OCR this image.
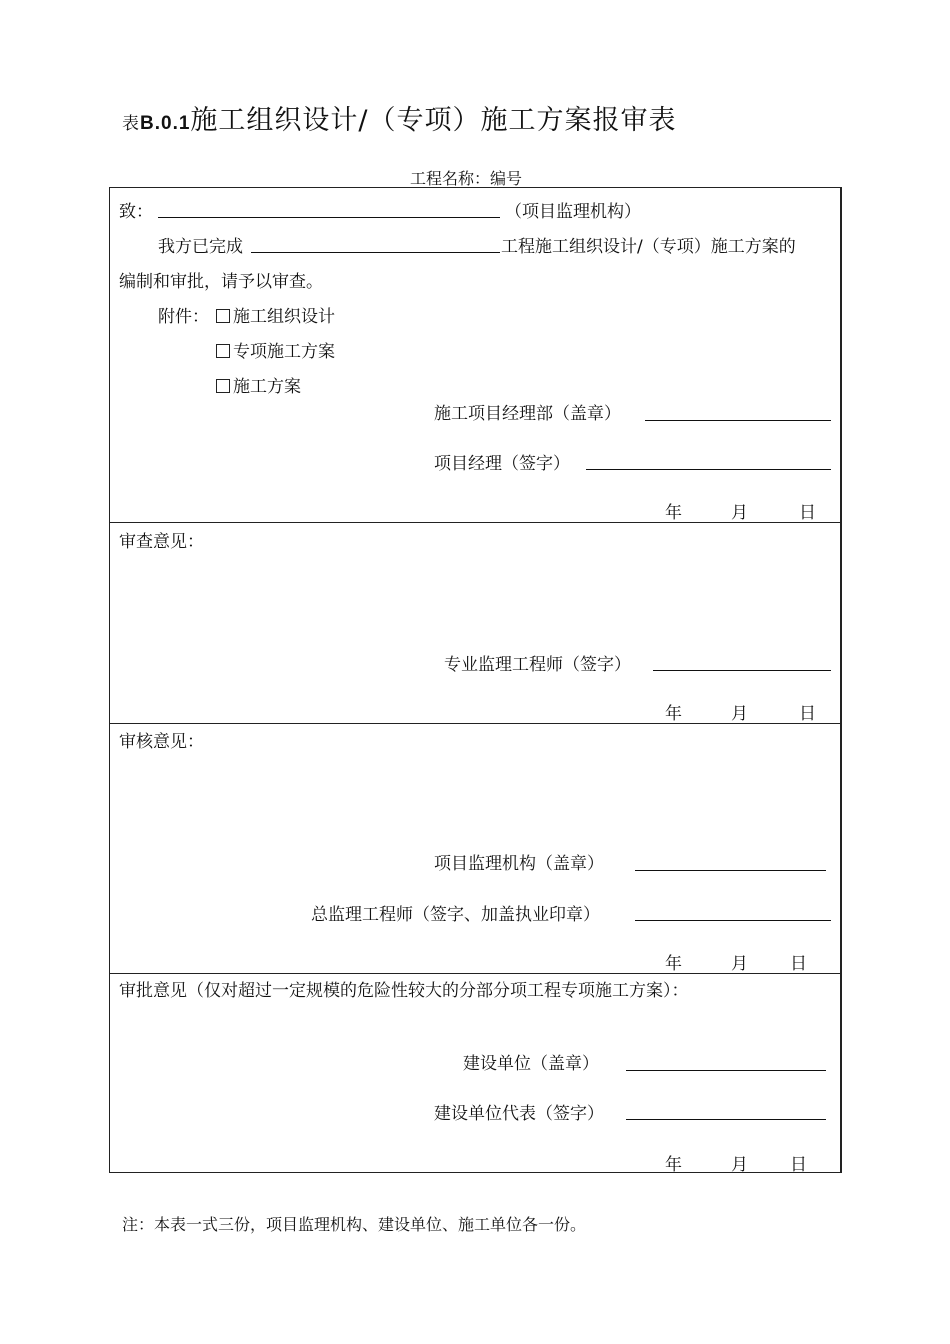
表B.0.1施工组织设计/（专项）施工方案报审表
工程名称：编号
致：	（项目监理机构）
我方已完成	工程施工组织设计/（专项）施工方案的
编制和审批，请予以审查。
附件：	施工组织设计
专项施工方案
施工方案
施工项目经理部（盖章）
项目经理（签字）
年	月	日
审查意见：
专业监理工程师（签字）
年	月	日
审核意见：
项目监理机构（盖章）
总监理工程师（签字、加盖执业印章）
年	月 日
审批意见（仅对超过一定规模的危险性较大的分部分项工程专项施工方案）：
建设单位（盖章）
建设单位代表（签字）
年	月 日
注：本表一式三份，项目监理机构、建设单位、施工单位各一份。
